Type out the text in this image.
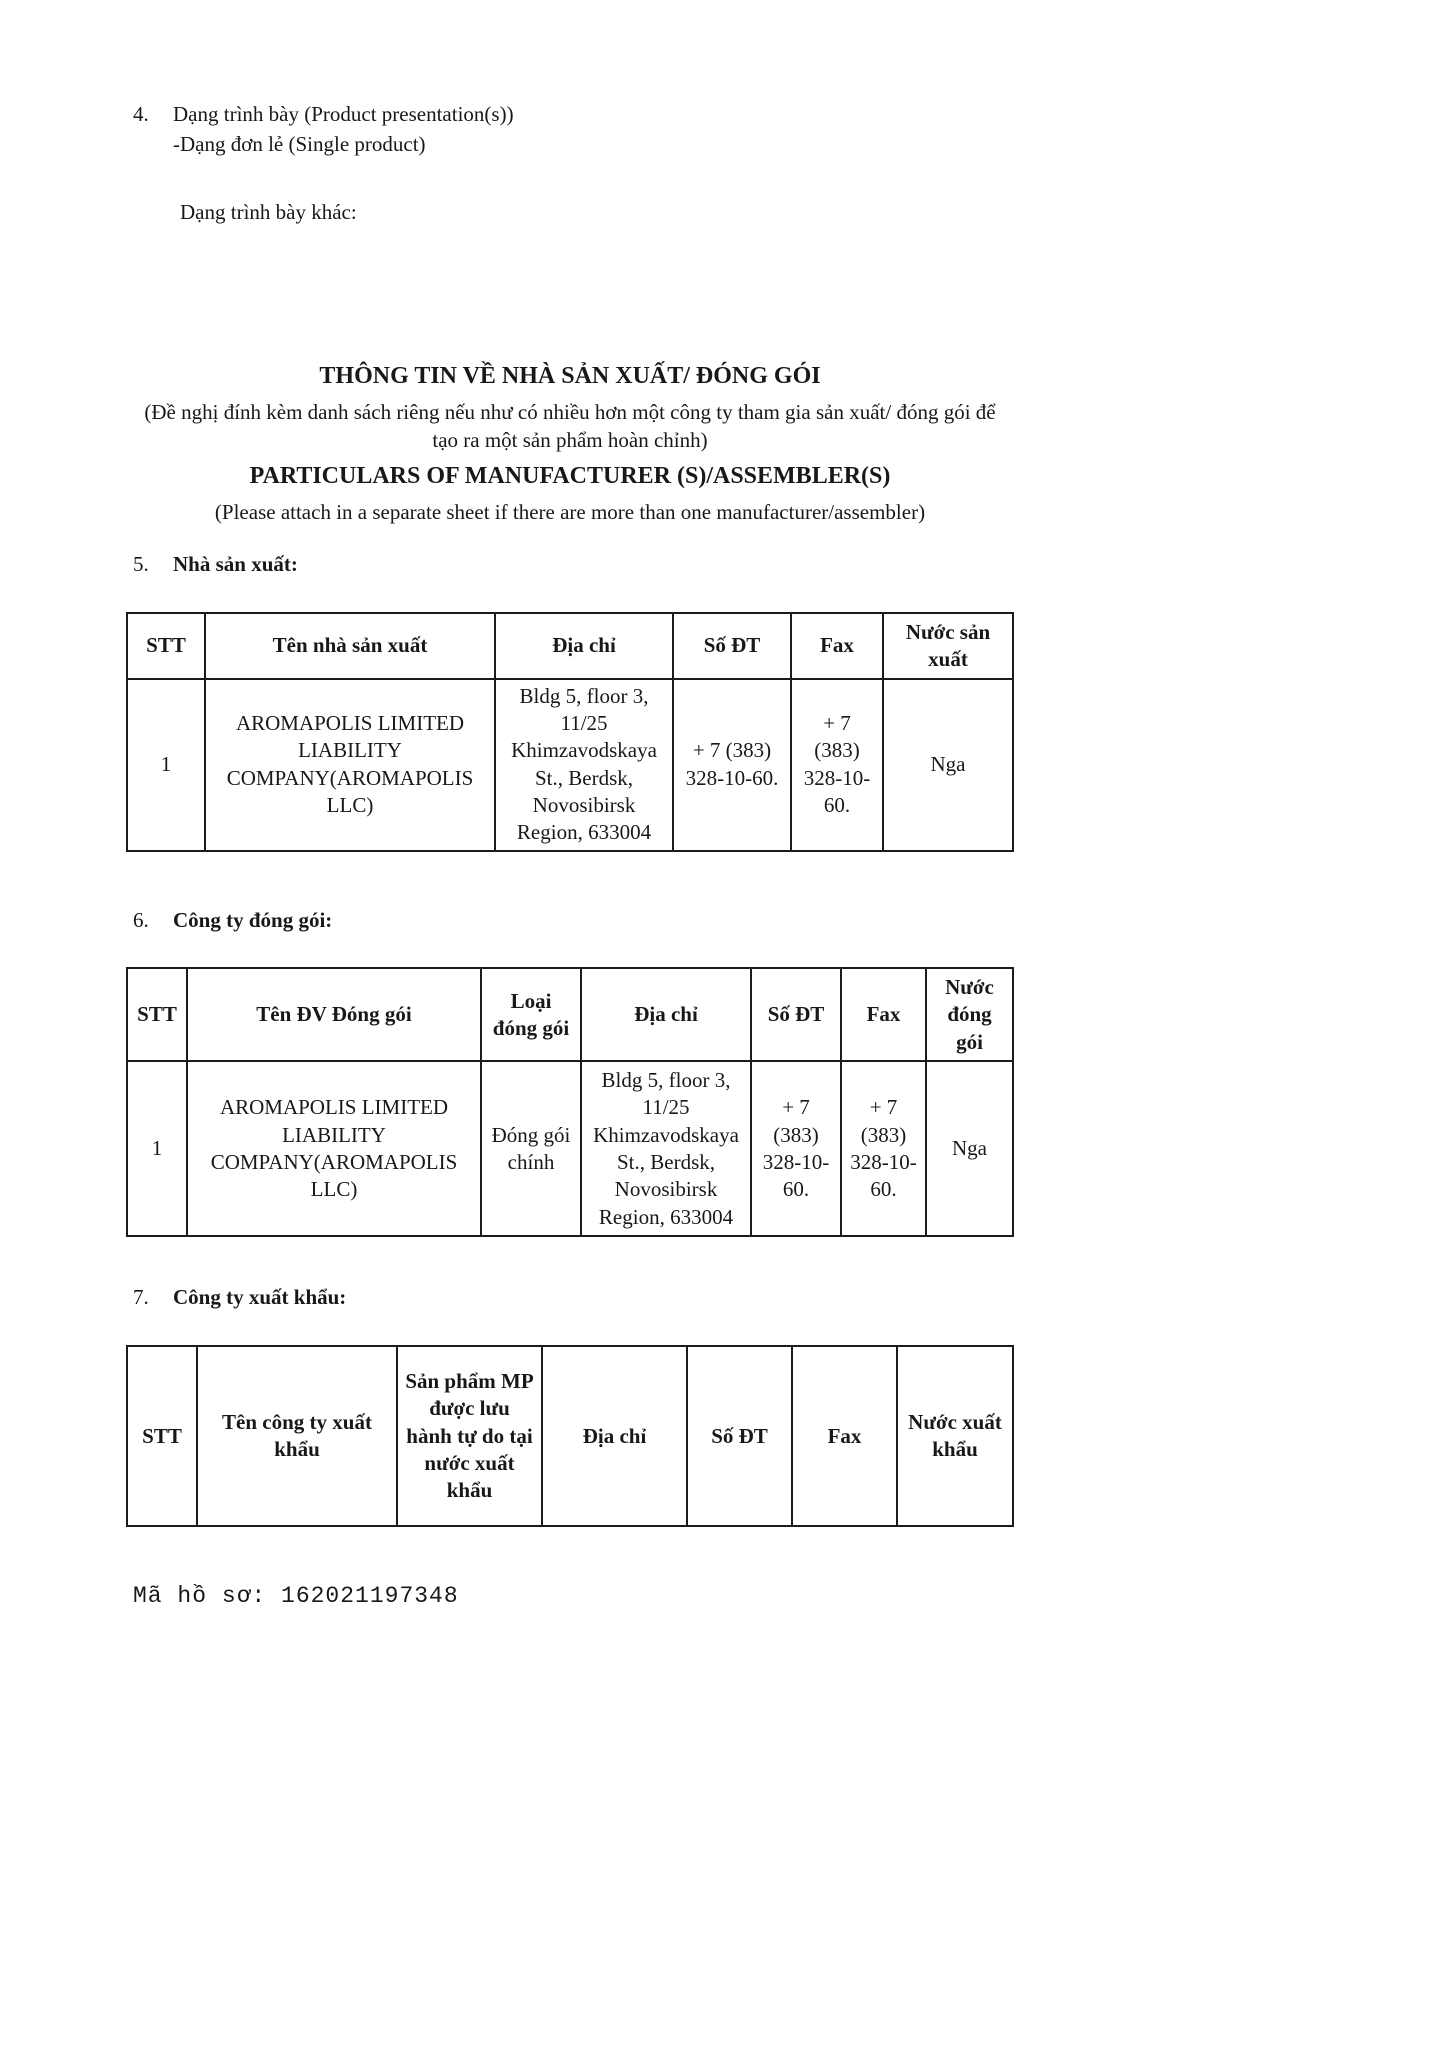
4.	Dạng trình bày (Product presentation(s))
-Dạng đơn lẻ (Single product)
Dạng trình bày khác:
THÔNG TIN VỀ NHÀ SẢN XUẤT/ ĐÓNG GÓI
(Đề nghị đính kèm danh sách riêng nếu như có nhiều hơn một công ty tham gia sản xuất/ đóng gói để tạo ra một sản phẩm hoàn chỉnh)
PARTICULARS OF MANUFACTURER (S)/ASSEMBLER(S)
(Please attach in a separate sheet if there are more than one manufacturer/assembler)
5.	Nhà sản xuất:
STT	Tên nhà sản xuất	Địa chỉ	Số ĐT	Fax	Nước sản xuất
1	AROMAPOLIS LIMITED LIABILITY COMPANY(AROMAPOLIS LLC)	Bldg 5, floor 3, 11/25 Khimzavodskaya St., Berdsk, Novosibirsk Region, 633004	+ 7 (383) 328-10-60.	+ 7 (383) 328-10-60.	Nga
6.	Công ty đóng gói:
STT	Tên ĐV Đóng gói	Loại đóng gói	Địa chỉ	Số ĐT	Fax	Nước đóng gói
1	AROMAPOLIS LIMITED LIABILITY COMPANY(AROMAPOLIS LLC)	Đóng gói chính	Bldg 5, floor 3, 11/25 Khimzavodskaya St., Berdsk, Novosibirsk Region, 633004	+ 7 (383) 328-10-60.	+ 7 (383) 328-10-60.	Nga
7.	Công ty xuất khẩu:
STT	Tên công ty xuất khẩu	Sản phẩm MP được lưu hành tự do tại nước xuất khẩu	Địa chỉ	Số ĐT	Fax	Nước xuất khẩu
Mã hồ sơ: 162021197348
